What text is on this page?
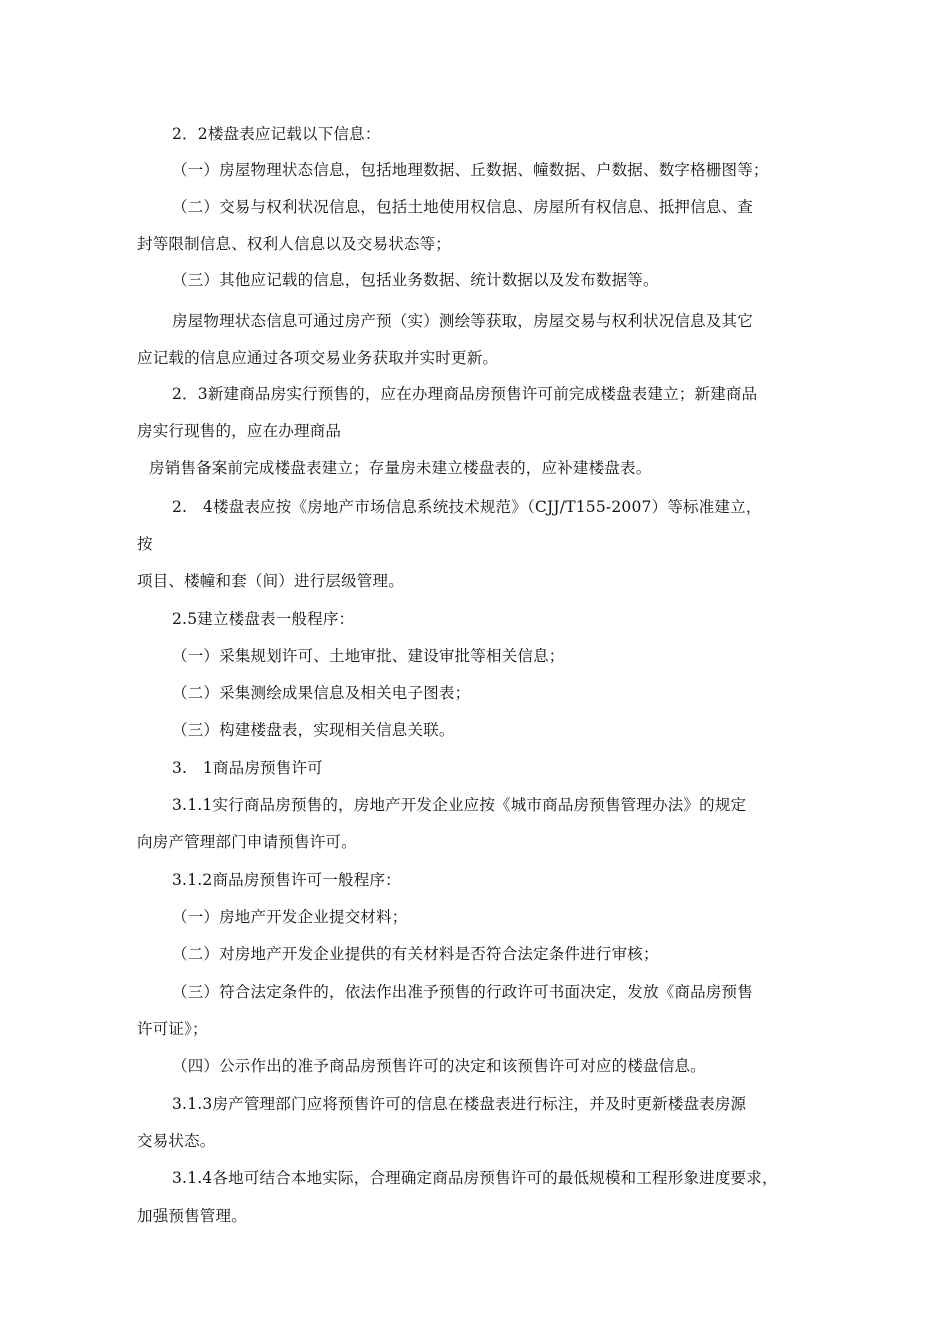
2．2楼盘表应记载以下信息：
（一）房屋物理状态信息，包括地理数据、丘数据、幢数据、户数据、数字格栅图等；
（二）交易与权利状况信息，包括土地使用权信息、房屋所有权信息、抵押信息、查
封等限制信息、权利人信息以及交易状态等；
（三）其他应记载的信息，包括业务数据、统计数据以及发布数据等。
房屋物理状态信息可通过房产预（实）测绘等获取，房屋交易与权利状况信息及其它
应记载的信息应通过各项交易业务获取并实时更新。
2．3新建商品房实行预售的，应在办理商品房预售许可前完成楼盘表建立；新建商品
房实行现售的，应在办理商品
房销售备案前完成楼盘表建立；存量房未建立楼盘表的，应补建楼盘表。
2.　4楼盘表应按《房地产市场信息系统技术规范》（CJJ/T155-2007）等标准建立，
按
项目、楼幢和套（间）进行层级管理。
2.5建立楼盘表一般程序：
（一）采集规划许可、土地审批、建设审批等相关信息；
（二）采集测绘成果信息及相关电子图表；
（三）构建楼盘表，实现相关信息关联。
3.　1商品房预售许可
3.1.1实行商品房预售的，房地产开发企业应按《城市商品房预售管理办法》的规定
向房产管理部门申请预售许可。
3.1.2商品房预售许可一般程序：
（一）房地产开发企业提交材料；
（二）对房地产开发企业提供的有关材料是否符合法定条件进行审核；
（三）符合法定条件的，依法作出准予预售的行政许可书面决定，发放《商品房预售
许可证》；
（四）公示作出的准予商品房预售许可的决定和该预售许可对应的楼盘信息。
3.1.3房产管理部门应将预售许可的信息在楼盘表进行标注，并及时更新楼盘表房源
交易状态。
3.1.4各地可结合本地实际，合理确定商品房预售许可的最低规模和工程形象进度要求，
加强预售管理。
